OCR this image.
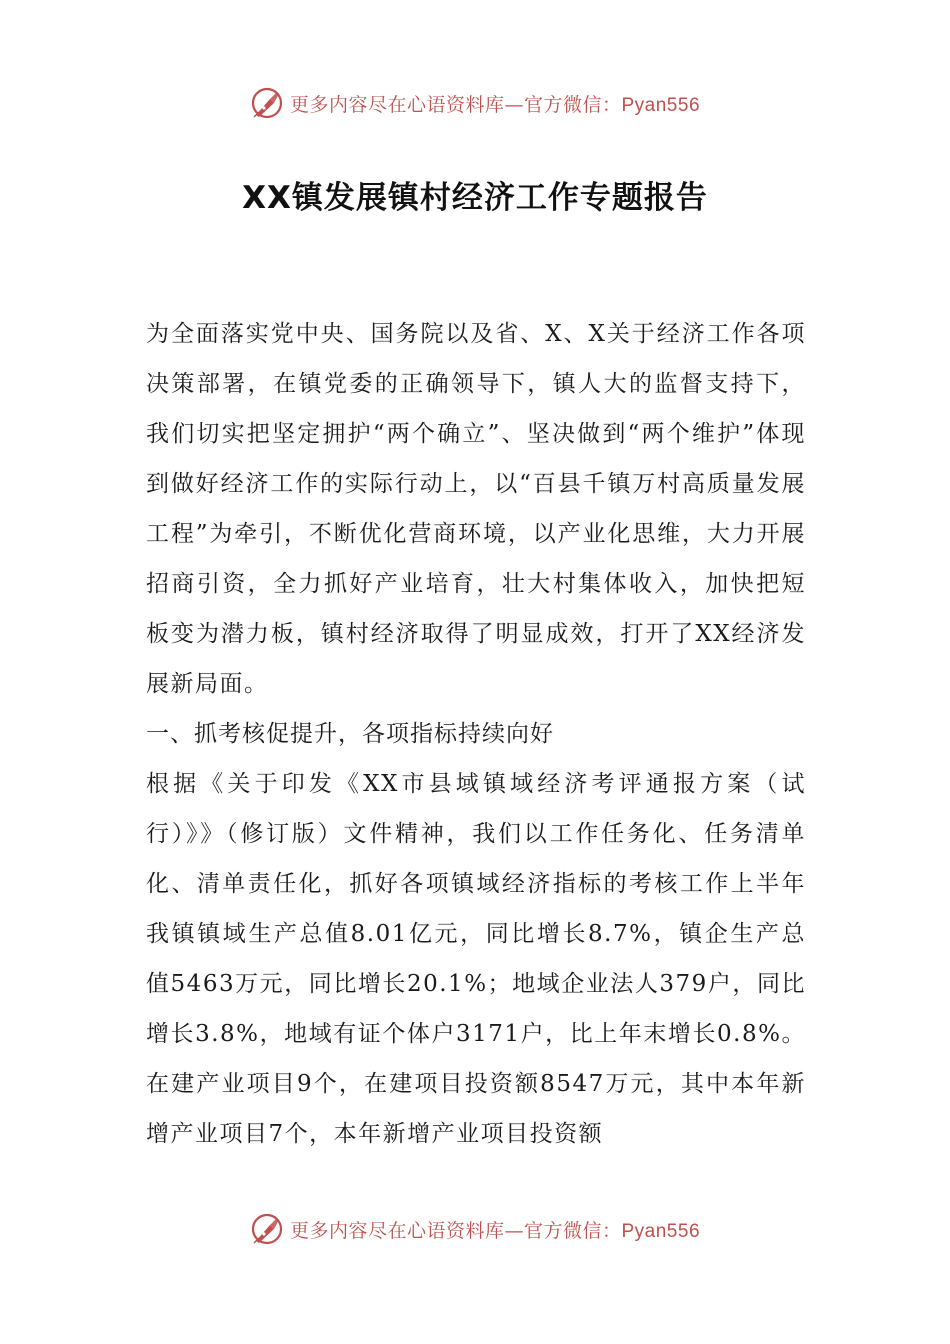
更多内容尽在心语资料库—官方微信：Pyan556
XX镇发展镇村经济工作专题报告

为全面落实党中央、国务院以及省、X、X关于经济工作各项决策部署，在镇党委的正确领导下，镇人大的监督支持下，我们切实把坚定拥护“两个确立”、坚决做到“两个维护”体现到做好经济工作的实际行动上，以“百县千镇万村高质量发展工程”为牵引，不断优化营商环境，以产业化思维，大力开展招商引资，全力抓好产业培育，壮大村集体收入，加快把短板变为潜力板，镇村经济取得了明显成效，打开了XX经济发展新局面。

一、抓考核促提升，各项指标持续向好

根据《关于印发《XX市县域镇域经济考评通报方案（试行）》》（修订版）文件精神，我们以工作任务化、任务清单化、清单责任化，抓好各项镇域经济指标的考核工作上半年我镇镇域生产总值8.01亿元，同比增长8.7%，镇企生产总值5463万元，同比增长20.1%；地域企业法人379户，同比增长3.8%，地域有证个体户3171户，比上年末增长0.8%。在建产业项目9个，在建项目投资额8547万元，其中本年新增产业项目7个，本年新增产业项目投资额

更多内容尽在心语资料库—官方微信：Pyan556
